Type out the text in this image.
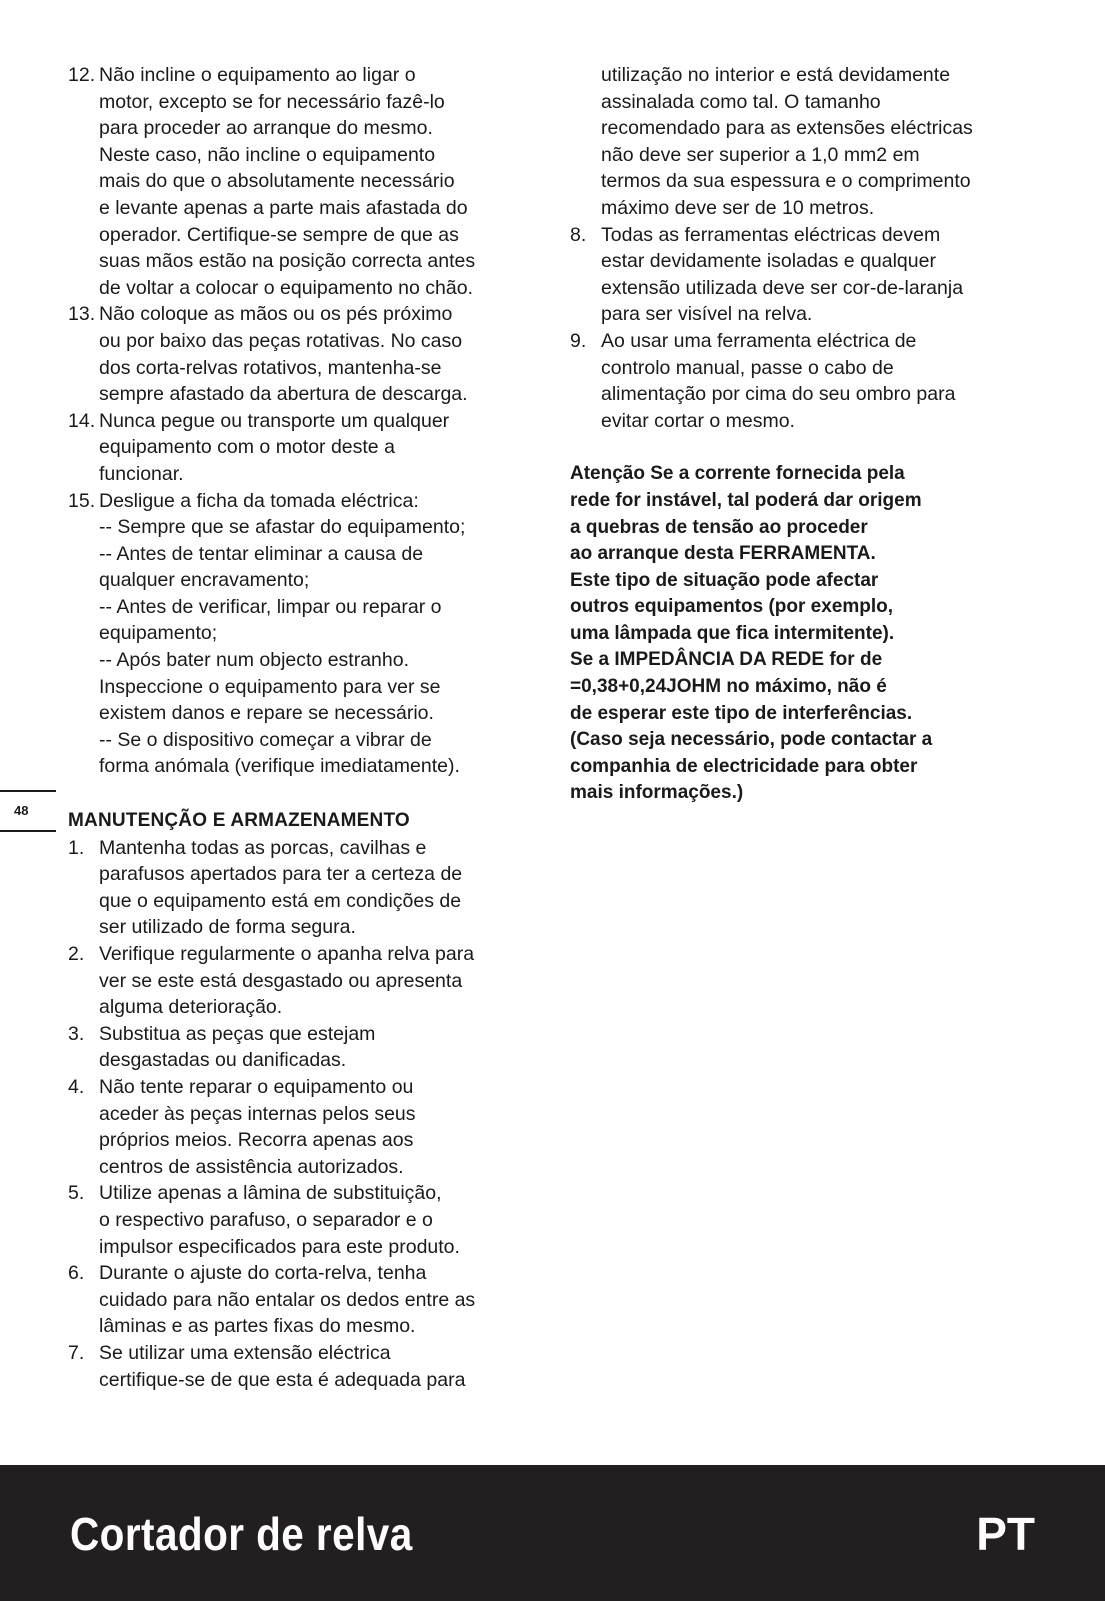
12. Não incline o equipamento ao ligar o
motor, excepto se for necessário fazê-lo
para proceder ao arranque do mesmo.
Neste caso, não incline o equipamento
mais do que o absolutamente necessário
e levante apenas a parte mais afastada do
operador. Certifique-se sempre de que as
suas mãos estão na posição correcta antes
de voltar a colocar o equipamento no chão.
13. Não coloque as mãos ou os pés próximo
ou por baixo das peças rotativas. No caso
dos corta-relvas rotativos, mantenha-se
sempre afastado da abertura de descarga.
14. Nunca pegue ou transporte um qualquer
equipamento com o motor deste a
funcionar.
15. Desligue a ficha da tomada eléctrica:
-- Sempre que se afastar do equipamento;
-- Antes de tentar eliminar a causa de
qualquer encravamento;
-- Antes de verificar, limpar ou reparar o
equipamento;
-- Após bater num objecto estranho.
Inspeccione o equipamento para ver se
existem danos e repare se necessário.
-- Se o dispositivo começar a vibrar de
forma anómala (verifique imediatamente).
MANUTENÇÃO E ARMAZENAMENTO
1. Mantenha todas as porcas, cavilhas e
parafusos apertados para ter a certeza de
que o equipamento está em condições de
ser utilizado de forma segura.
2. Verifique regularmente o apanha relva para
ver se este está desgastado ou apresenta
alguma deterioração.
3. Substitua as peças que estejam
desgastadas ou danificadas.
4. Não tente reparar o equipamento ou
aceder às peças internas pelos seus
próprios meios. Recorra apenas aos
centros de assistência autorizados.
5. Utilize apenas a lâmina de substituição,
o respectivo parafuso, o separador e o
impulsor especificados para este produto.
6. Durante o ajuste do corta-relva, tenha
cuidado para não entalar os dedos entre as
lâminas e as partes fixas do mesmo.
7. Se utilizar uma extensão eléctrica
certifique-se de que esta é adequada para
utilização no interior e está devidamente
assinalada como tal. O tamanho
recomendado para as extensões eléctricas
não deve ser superior a 1,0 mm2 em
termos da sua espessura e o comprimento
máximo deve ser de 10 metros.
8. Todas as ferramentas eléctricas devem
estar devidamente isoladas e qualquer
extensão utilizada deve ser cor-de-laranja
para ser visível na relva.
9. Ao usar uma ferramenta eléctrica de
controlo manual, passe o cabo de
alimentação por cima do seu ombro para
evitar cortar o mesmo.
Atenção Se a corrente fornecida pela
rede for instável, tal poderá dar origem
a quebras de tensão ao proceder
ao arranque desta FERRAMENTA.
Este tipo de situação pode afectar
outros equipamentos (por exemplo,
uma lâmpada que fica intermitente).
Se a IMPEDÂNCIA DA REDE for de
=0,38+0,24JOHM no máximo, não é
de esperar este tipo de interferências.
(Caso seja necessário, pode contactar a
companhia de electricidade para obter
mais informações.)
48
Cortador de relva	PT
